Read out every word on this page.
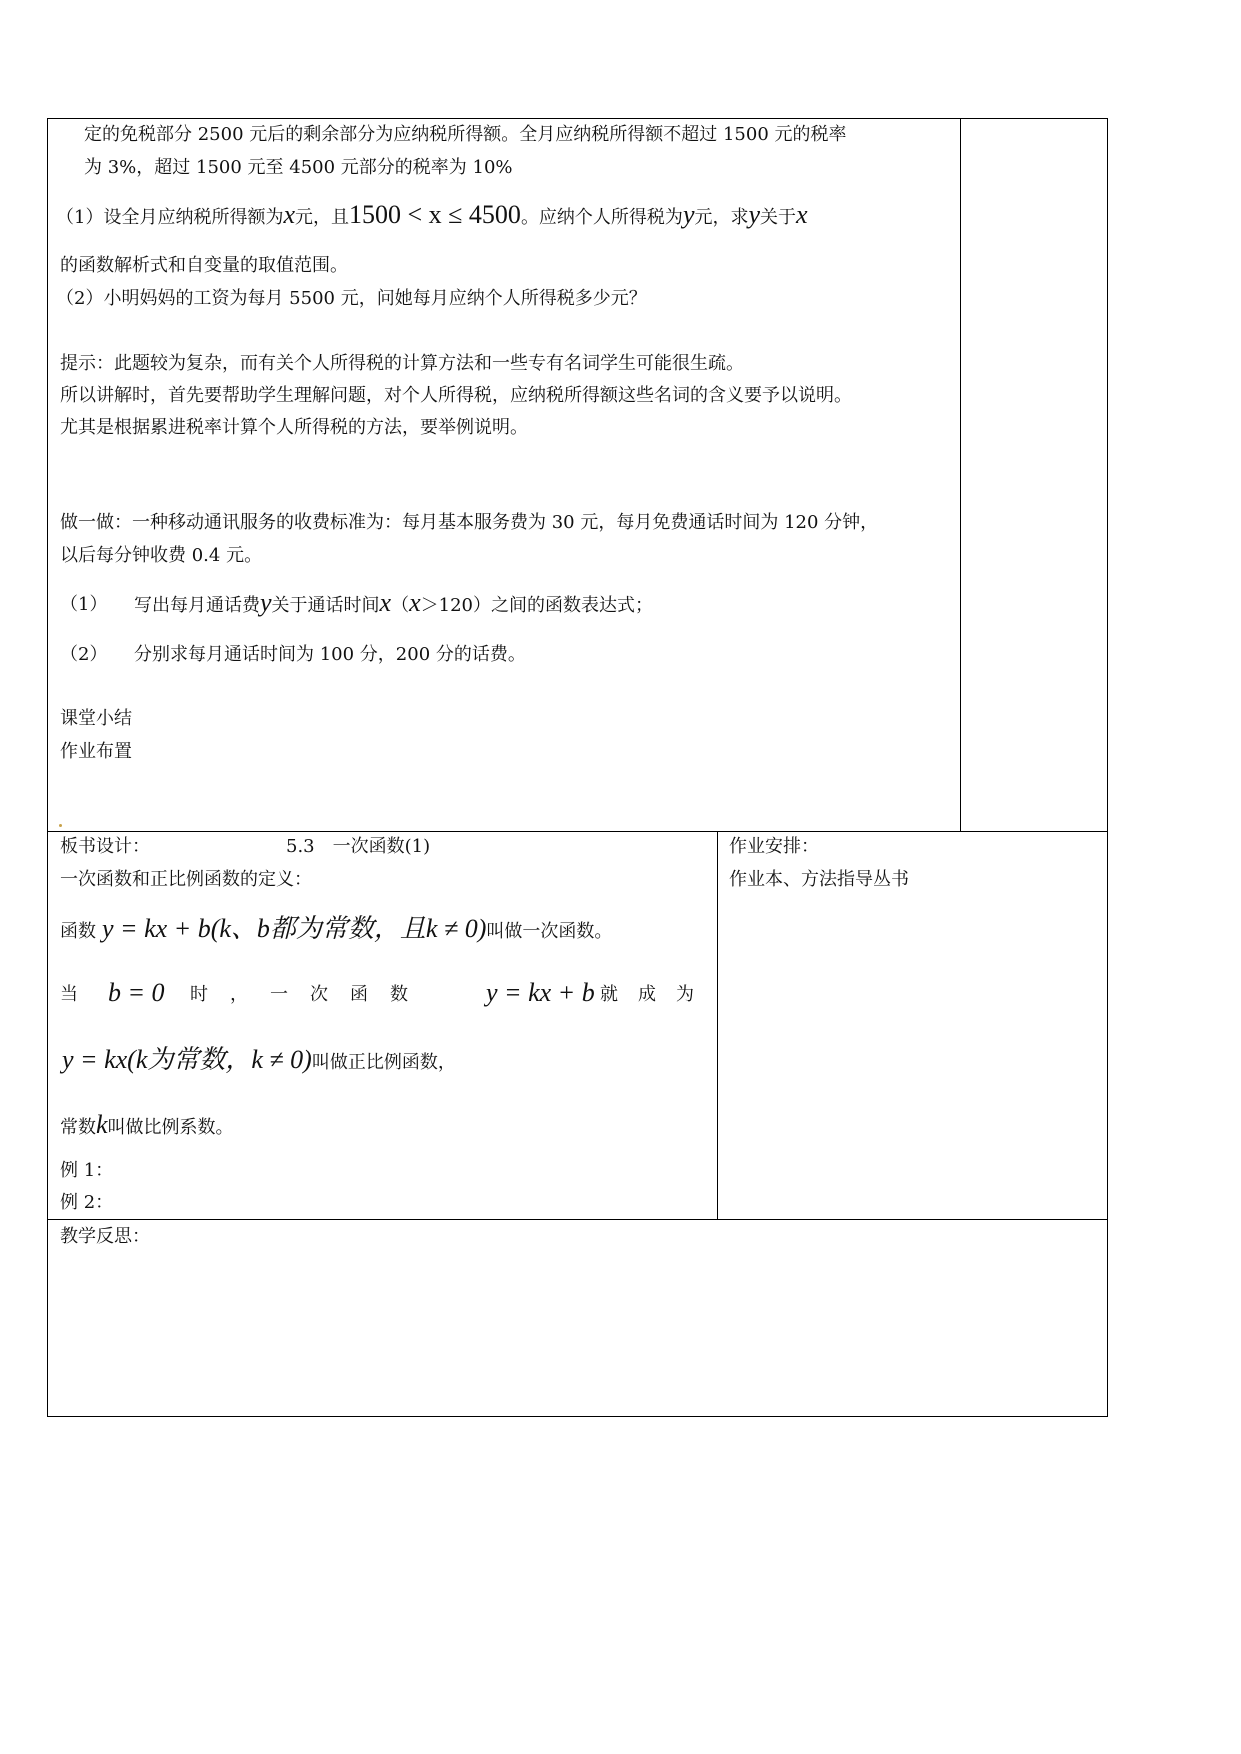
定的免税部分 2500 元后的剩余部分为应纳税所得额。全月应纳税所得额不超过 1500 元的税率
为 3%，超过 1500 元至 4500 元部分的税率为 10%
（1）设全月应纳税所得额为x元，且1500 < x ≤ 4500。应纳个人所得税为y元，求y关于x
的函数解析式和自变量的取值范围。
（2）小明妈妈的工资为每月 5500 元，问她每月应纳个人所得税多少元？
提示：此题较为复杂，而有关个人所得税的计算方法和一些专有名词学生可能很生疏。
所以讲解时，首先要帮助学生理解问题，对个人所得税，应纳税所得额这些名词的含义要予以说明。
尤其是根据累进税率计算个人所得税的方法，要举例说明。
做一做：一种移动通讯服务的收费标准为：每月基本服务费为 30 元，每月免费通话时间为 120 分钟，
以后每分钟收费 0.4 元。
（1） 写出每月通话费y关于通话时间x（x＞120）之间的函数表达式；
（2） 分别求每月通话时间为 100 分，200 分的话费。
课堂小结
作业布置
板书设计：	5.3　一次函数(1)
一次函数和正比例函数的定义：
函数 y = kx + b(k、b都为常数，且k ≠ 0)叫做一次函数。
当 b = 0 时，一次函数 y = kx + b 就成为
y = kx(k为常数，k ≠ 0)叫做正比例函数，
常数k叫做比例系数。
例 1：
例 2：
作业安排：
作业本、方法指导丛书
教学反思：
